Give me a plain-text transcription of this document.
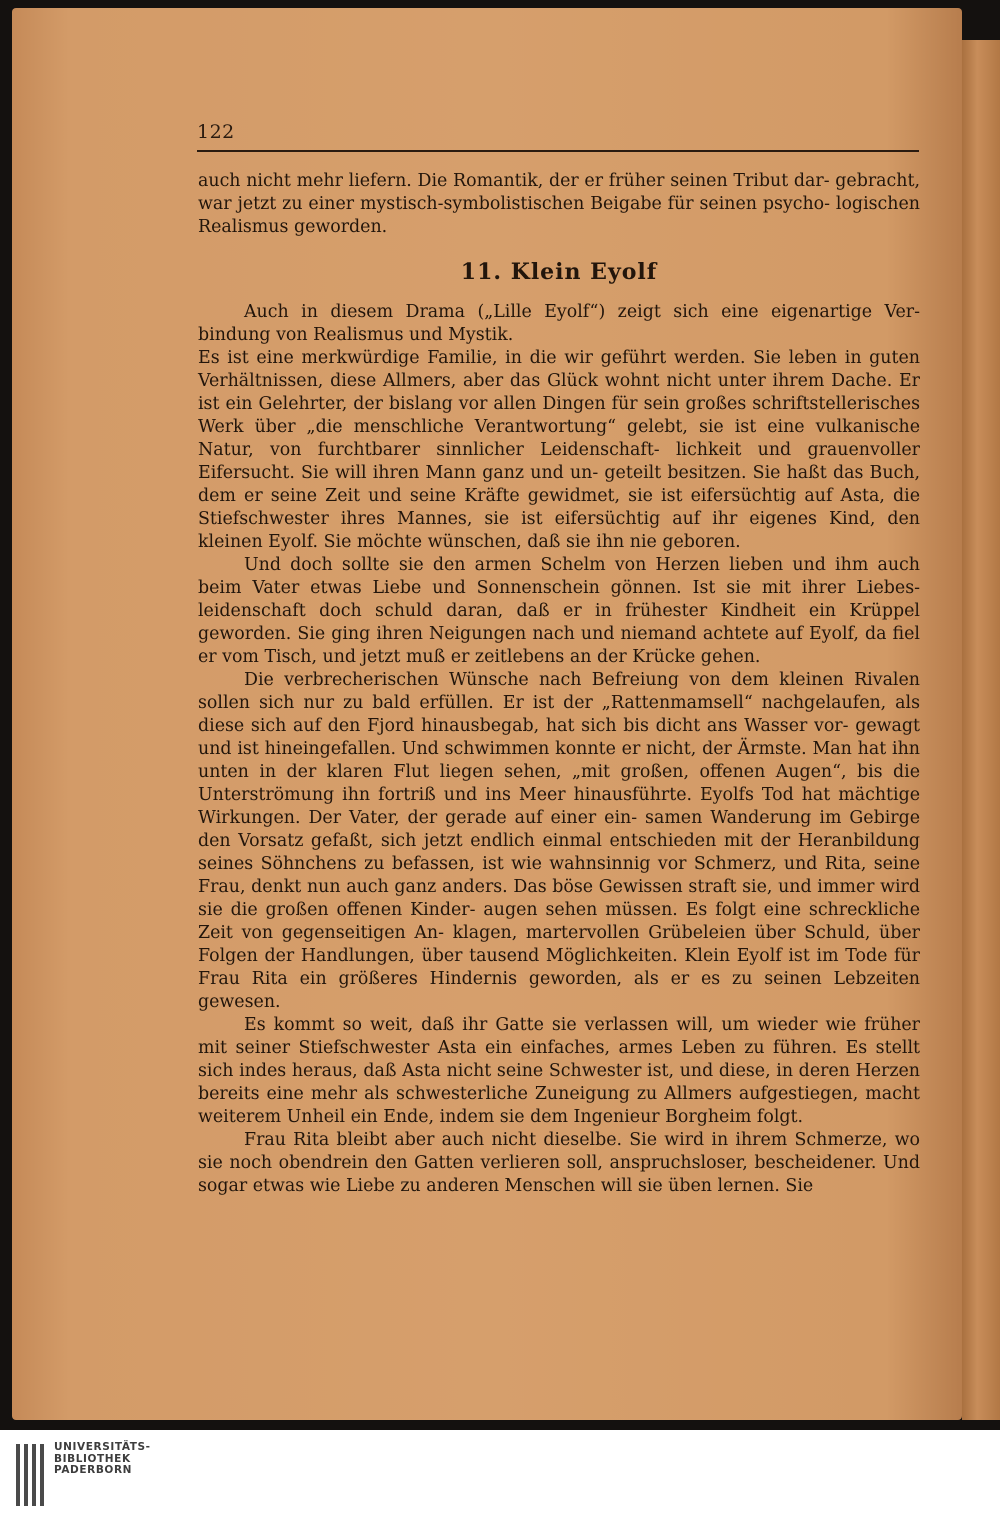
122

auch nicht mehr liefern. Die Romantik, der er früher seinen Tribut dar- gebracht, war jetzt zu einer mystisch-symbolistischen Beigabe für seinen psycho- logischen Realismus geworden.

11. Klein Eyolf

Auch in diesem Drama („Lille Eyolf“) zeigt sich eine eigenartige Ver- bindung von Realismus und Mystik.

Es ist eine merkwürdige Familie, in die wir geführt werden. Sie leben in guten Verhältnissen, diese Allmers, aber das Glück wohnt nicht unter ihrem Dache. Er ist ein Gelehrter, der bislang vor allen Dingen für sein großes schriftstellerisches Werk über „die menschliche Verantwortung“ gelebt, sie ist eine vulkanische Natur, von furchtbarer sinnlicher Leidenschaft- lichkeit und grauenvoller Eifersucht. Sie will ihren Mann ganz und un- geteilt besitzen. Sie haßt das Buch, dem er seine Zeit und seine Kräfte gewidmet, sie ist eifersüchtig auf Asta, die Stiefschwester ihres Mannes, sie ist eifersüchtig auf ihr eigenes Kind, den kleinen Eyolf. Sie möchte wünschen, daß sie ihn nie geboren.

Und doch sollte sie den armen Schelm von Herzen lieben und ihm auch beim Vater etwas Liebe und Sonnenschein gönnen. Ist sie mit ihrer Liebes- leidenschaft doch schuld daran, daß er in frühester Kindheit ein Krüppel geworden. Sie ging ihren Neigungen nach und niemand achtete auf Eyolf, da fiel er vom Tisch, und jetzt muß er zeitlebens an der Krücke gehen.

Die verbrecherischen Wünsche nach Befreiung von dem kleinen Rivalen sollen sich nur zu bald erfüllen. Er ist der „Rattenmamsell“ nachgelaufen, als diese sich auf den Fjord hinausbegab, hat sich bis dicht ans Wasser vor- gewagt und ist hineingefallen. Und schwimmen konnte er nicht, der Ärmste. Man hat ihn unten in der klaren Flut liegen sehen, „mit großen, offenen Augen“, bis die Unterströmung ihn fortriß und ins Meer hinausführte. Eyolfs Tod hat mächtige Wirkungen. Der Vater, der gerade auf einer ein- samen Wanderung im Gebirge den Vorsatz gefaßt, sich jetzt endlich einmal entschieden mit der Heranbildung seines Söhnchens zu befassen, ist wie wahnsinnig vor Schmerz, und Rita, seine Frau, denkt nun auch ganz anders. Das böse Gewissen straft sie, und immer wird sie die großen offenen Kinder- augen sehen müssen. Es folgt eine schreckliche Zeit von gegenseitigen An- klagen, martervollen Grübeleien über Schuld, über Folgen der Handlungen, über tausend Möglichkeiten. Klein Eyolf ist im Tode für Frau Rita ein größeres Hindernis geworden, als er es zu seinen Lebzeiten gewesen.

Es kommt so weit, daß ihr Gatte sie verlassen will, um wieder wie früher mit seiner Stiefschwester Asta ein einfaches, armes Leben zu führen. Es stellt sich indes heraus, daß Asta nicht seine Schwester ist, und diese, in deren Herzen bereits eine mehr als schwesterliche Zuneigung zu Allmers aufgestiegen, macht weiterem Unheil ein Ende, indem sie dem Ingenieur Borgheim folgt.

Frau Rita bleibt aber auch nicht dieselbe. Sie wird in ihrem Schmerze, wo sie noch obendrein den Gatten verlieren soll, anspruchsloser, bescheidener. Und sogar etwas wie Liebe zu anderen Menschen will sie üben lernen. Sie

UNIVERSITÄTS-
BIBLIOTHEK
PADERBORN
